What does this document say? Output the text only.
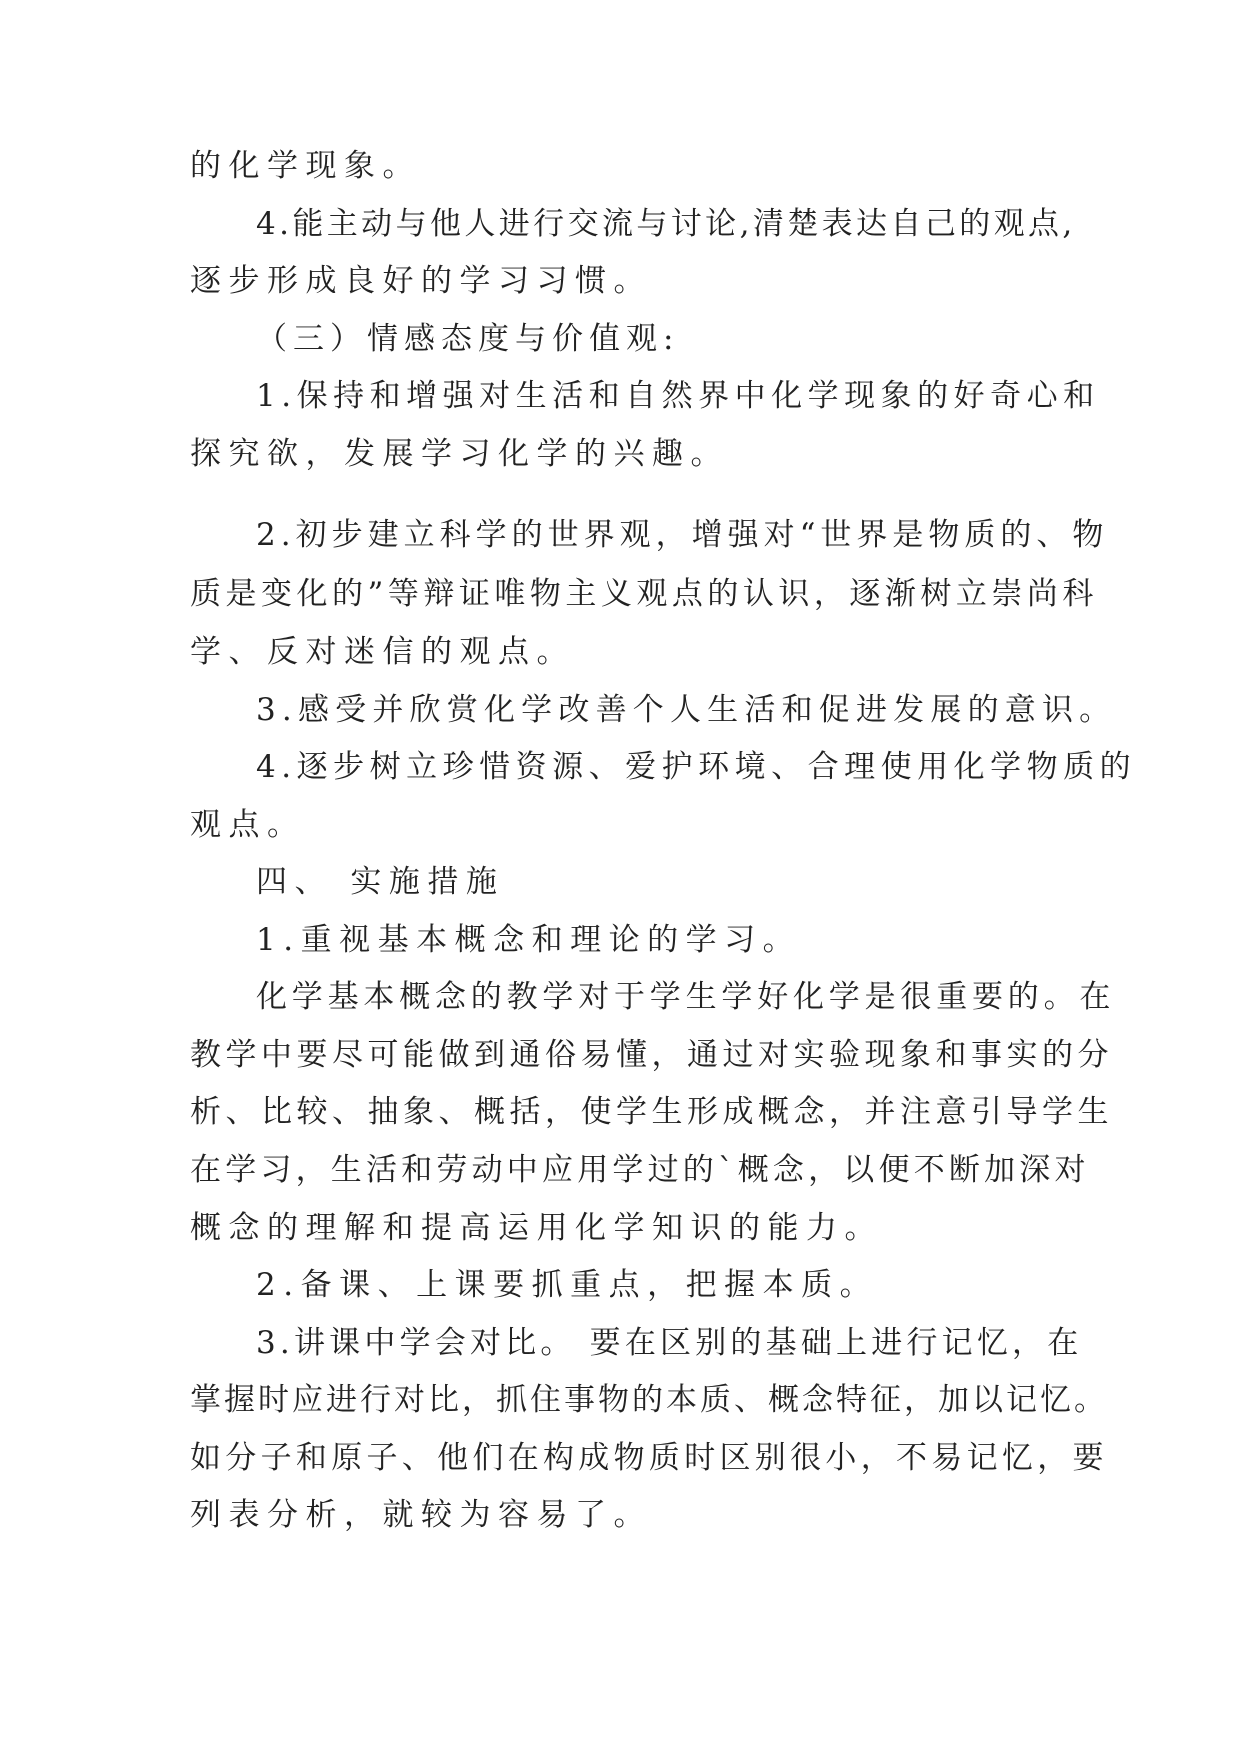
的化学现象。
4.能主动与他人进行交流与讨论,清楚表达自己的观点,
逐步形成良好的学习习惯。
（三）情感态度与价值观:
1.保持和增强对生活和自然界中化学现象的好奇心和
探究欲，发展学习化学的兴趣。
2.初步建立科学的世界观，增强对“世界是物质的、物
质是变化的”等辩证唯物主义观点的认识，逐渐树立崇尚科
学、反对迷信的观点。
3.感受并欣赏化学改善个人生活和促进发展的意识。
4.逐步树立珍惜资源、爱护环境、合理使用化学物质的
观点。
四、 实施措施
1.重视基本概念和理论的学习。
化学基本概念的教学对于学生学好化学是很重要的。在
教学中要尽可能做到通俗易懂，通过对实验现象和事实的分
析、比较、抽象、概括，使学生形成概念，并注意引导学生
在学习，生活和劳动中应用学过的`概念，以便不断加深对
概念的理解和提高运用化学知识的能力。
2.备课、上课要抓重点，把握本质。
3.讲课中学会对比。 要在区别的基础上进行记忆，在
掌握时应进行对比，抓住事物的本质、概念特征，加以记忆。
如分子和原子、他们在构成物质时区别很小，不易记忆，要
列表分析，就较为容易了。
